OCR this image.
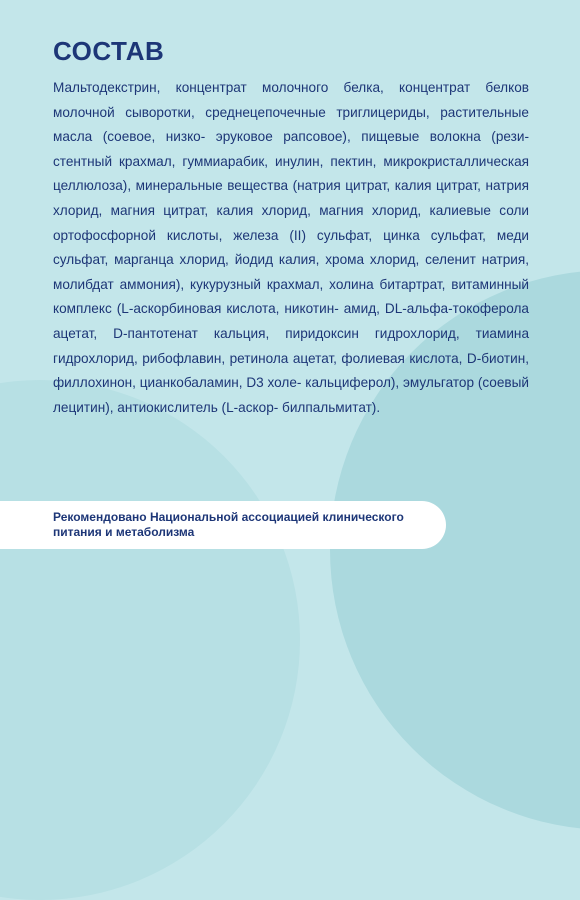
СОСТАВ

Мальтодекстрин, концентрат молочного белка, концентрат белков молочной сыворотки, среднецепочечные триглицериды, растительные масла (соевое, низко- эруковое рапсовое), пищевые волокна (рези- стентный крахмал, гуммиарабик, инулин, пектин, микрокристаллическая целлюлоза), минеральные вещества (натрия цитрат, калия цитрат, натрия хлорид, магния цитрат, калия хлорид, магния хлорид, калиевые соли ортофосфорной кислоты, железа (II) сульфат, цинка сульфат, меди сульфат, марганца хлорид, йодид калия, хрома хлорид, селенит натрия, молибдат аммония), кукурузный крахмал, холина битартрат, витаминный комплекс (L-аскорбиновая кислота, никотин- амид, DL-альфа-токоферола ацетат, D-пантотенат кальция, пиридоксин гидрохлорид, тиамина гидрохлорид, рибофлавин, ретинола ацетат, фолиевая кислота, D-биотин, филлохинон, цианкобаламин, D3 холе- кальциферол), эмульгатор (соевый лецитин), антиокислитель (L-аскор- билпальмитат).

Рекомендовано Национальной ассоциацией клинического питания и метаболизма
